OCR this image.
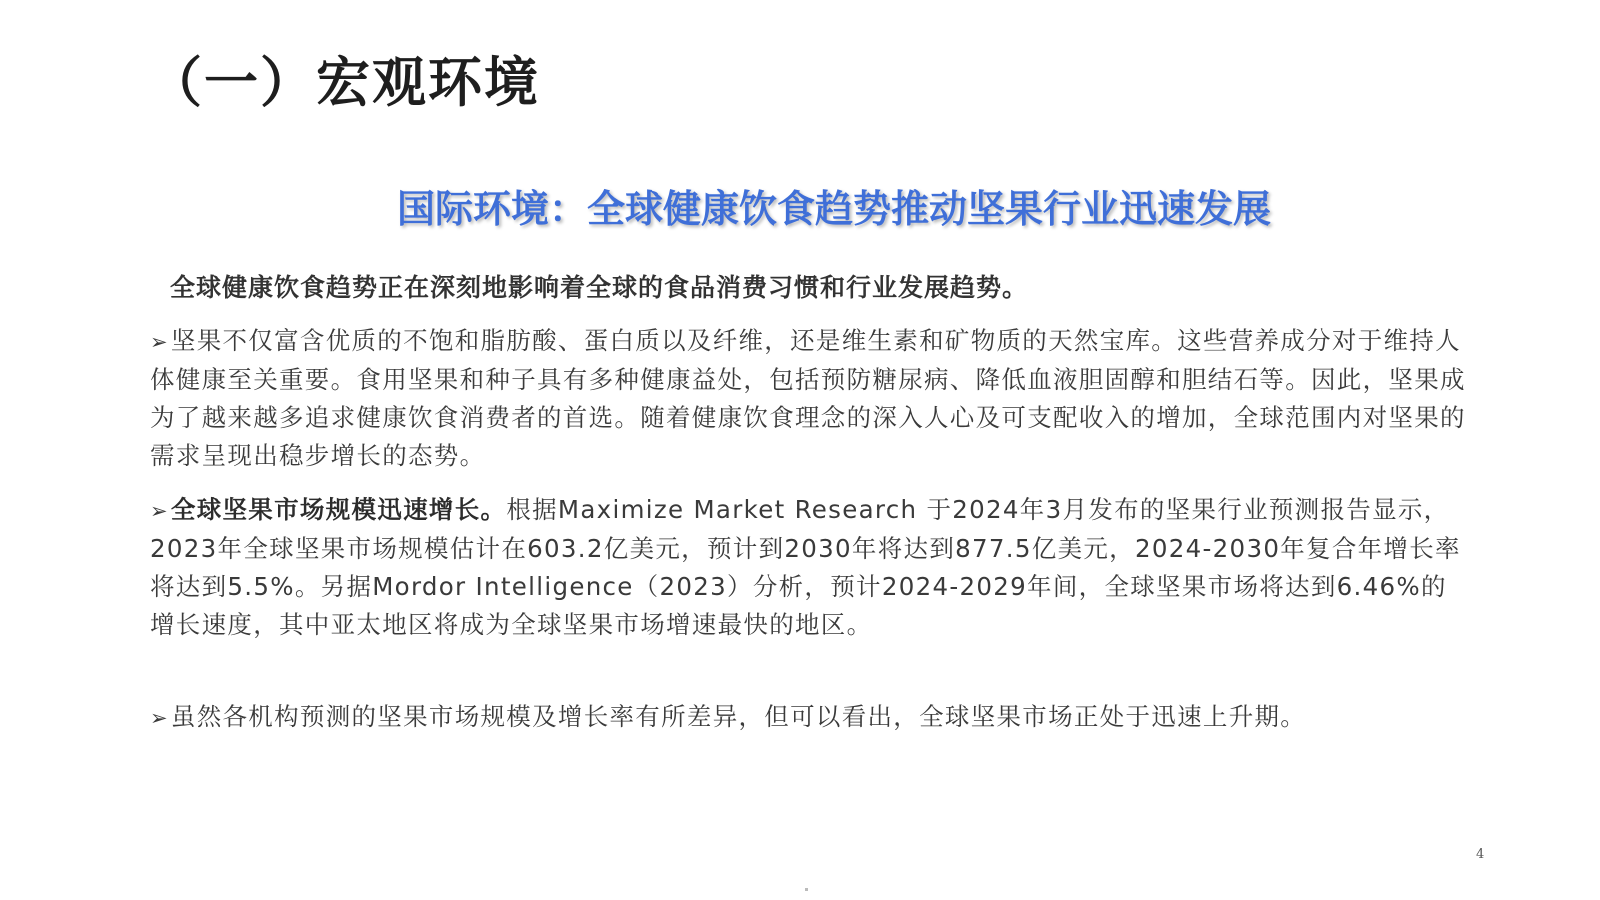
（一）宏观环境
国际环境：全球健康饮食趋势推动坚果行业迅速发展
全球健康饮食趋势正在深刻地影响着全球的食品消费习惯和行业发展趋势。
➢坚果不仅富含优质的不饱和脂肪酸、蛋白质以及纤维，还是维生素和矿物质的天然宝库。这些营养成分对于维持人体健康至关重要。食用坚果和种子具有多种健康益处，包括预防糖尿病、降低血液胆固醇和胆结石等。因此，坚果成为了越来越多追求健康饮食消费者的首选。随着健康饮食理念的深入人心及可支配收入的增加，全球范围内对坚果的需求呈现出稳步增长的态势。
➢全球坚果市场规模迅速增长。根据Maximize Market Research 于2024年3月发布的坚果行业预测报告显示，2023年全球坚果市场规模估计在603.2亿美元，预计到2030年将达到877.5亿美元，2024-2030年复合年增长率将达到5.5%。另据Mordor Intelligence（2023）分析，预计2024-2029年间，全球坚果市场将达到6.46%的增长速度，其中亚太地区将成为全球坚果市场增速最快的地区。
➢虽然各机构预测的坚果市场规模及增长率有所差异，但可以看出，全球坚果市场正处于迅速上升期。
4
